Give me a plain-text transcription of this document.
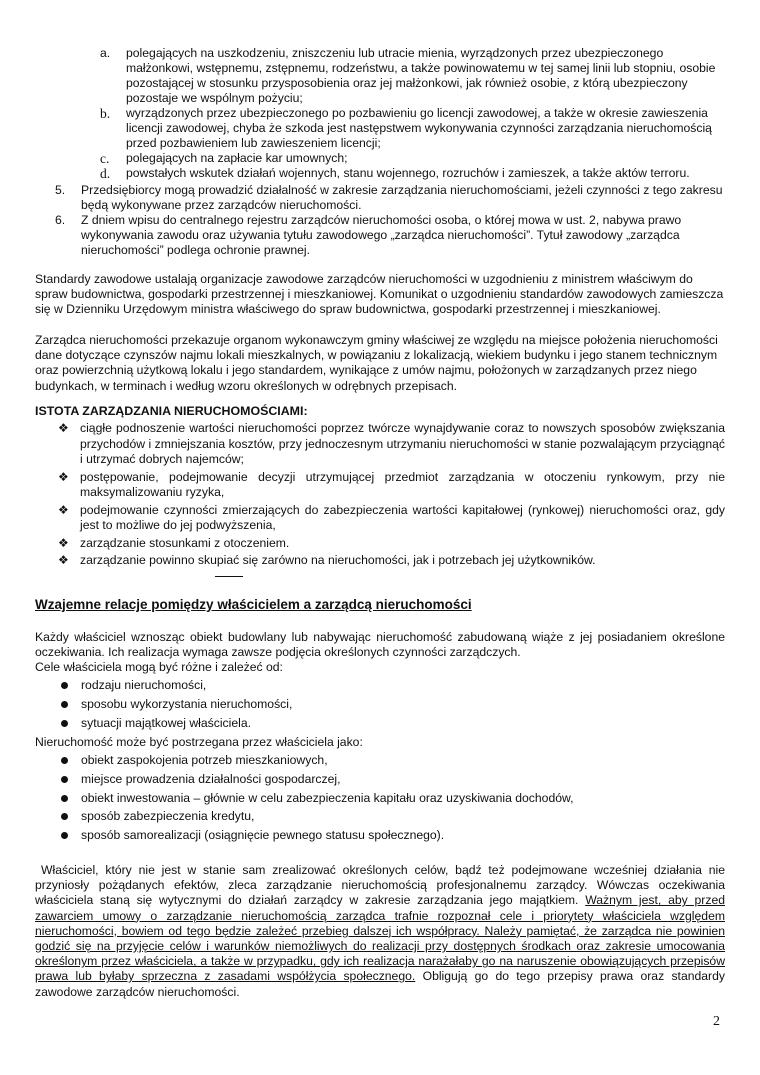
a.	polegających na uszkodzeniu, zniszczeniu lub utracie mienia, wyrządzonych przez ubezpieczonego małżonkowi, wstępnemu, zstępnemu, rodzeństwu, a także powinowatemu w tej samej linii lub stopniu, osobie pozostającej w stosunku przysposobienia oraz jej małżonkowi, jak również osobie, z którą ubezpieczony pozostaje we wspólnym pożyciu;
b.	wyrządzonych przez ubezpieczonego po pozbawieniu go licencji zawodowej, a także w okresie zawieszenia licencji zawodowej, chyba że szkoda jest następstwem wykonywania czynności zarządzania nieruchomością przed pozbawieniem lub zawieszeniem licencji;
c.	polegających na zapłacie kar umownych;
d.	powstałych wskutek działań wojennych, stanu wojennego, rozruchów i zamieszek, a także aktów terroru.
5. Przedsiębiorcy mogą prowadzić działalność w zakresie zarządzania nieruchomościami, jeżeli czynności z tego zakresu będą wykonywane przez zarządców nieruchomości.
6. Z dniem wpisu do centralnego rejestru zarządców nieruchomości osoba, o której mowa w ust. 2, nabywa prawo wykonywania zawodu oraz używania tytułu zawodowego „zarządca nieruchomości”. Tytuł zawodowy „zarządca nieruchomości” podlega ochronie prawnej.
Standardy zawodowe ustalają organizacje zawodowe zarządców nieruchomości w uzgodnieniu z ministrem właściwym do spraw budownictwa, gospodarki przestrzennej i mieszkaniowej. Komunikat o uzgodnieniu standardów zawodowych zamieszcza się w Dzienniku Urzędowym ministra właściwego do spraw budownictwa, gospodarki przestrzennej i mieszkaniowej.
Zarządca nieruchomości przekazuje organom wykonawczym gminy właściwej ze względu na miejsce położenia nieruchomości dane dotyczące czynszów najmu lokali mieszkalnych, w powiązaniu z lokalizacją, wiekiem budynku i jego stanem technicznym oraz powierzchnią użytkową lokalu i jego standardem, wynikające z umów najmu, położonych w zarządzanych przez niego budynkach, w terminach i według wzoru określonych w odrębnych przepisach.
ISTOTA ZARZĄDZANIA NIERUCHOMOŚCIAMI:
❖ ciągłe podnoszenie wartości nieruchomości poprzez twórcze wynajdywanie coraz to nowszych sposobów zwiększania przychodów i zmniejszania kosztów, przy jednoczesnym utrzymaniu nieruchomości w stanie pozwalającym przyciągnąć i utrzymać dobrych najemców;
❖ postępowanie, podejmowanie decyzji utrzymującej przedmiot zarządzania w otoczeniu rynkowym, przy nie maksymalizowaniu ryzyka,
❖ podejmowanie czynności zmierzających do zabezpieczenia wartości kapitałowej (rynkowej) nieruchomości oraz, gdy jest to możliwe do jej podwyższenia,
❖ zarządzanie stosunkami z otoczeniem.
❖ zarządzanie powinno skupiać się zarówno na nieruchomości, jak i potrzebach jej użytkowników.
Wzajemne relacje pomiędzy właścicielem a zarządcą nieruchomości
Każdy właściciel wznosząc obiekt budowlany lub nabywając nieruchomość zabudowaną wiąże z jej posiadaniem określone oczekiwania. Ich realizacja wymaga zawsze podjęcia określonych czynności zarządczych.
Cele właściciela mogą być różne i zależeć od:
rodzaju nieruchomości,
sposobu wykorzystania nieruchomości,
sytuacji majątkowej właściciela.
Nieruchomość może być postrzegana przez właściciela jako:
obiekt zaspokojenia potrzeb mieszkaniowych,
miejsce prowadzenia działalności gospodarczej,
obiekt inwestowania – głównie w celu zabezpieczenia kapitału oraz uzyskiwania dochodów,
sposób zabezpieczenia kredytu,
sposób samorealizacji (osiągnięcie pewnego statusu społecznego).
Właściciel, który nie jest w stanie sam zrealizować określonych celów, bądź też podejmowane wcześniej działania nie przyniosły pożądanych efektów, zleca zarządzanie nieruchomością profesjonalnemu zarządcy. Wówczas oczekiwania właściciela staną się wytycznymi do działań zarządcy w zakresie zarządzania jego majątkiem. Ważnym jest, aby przed zawarciem umowy o zarządzanie nieruchomością zarządca trafnie rozpoznał cele i priorytety właściciela względem nieruchomości, bowiem od tego będzie zależeć przebieg dalszej ich współpracy. Należy pamiętać, że zarządca nie powinien godzić się na przyjęcie celów i warunków niemożliwych do realizacji przy dostępnych środkach oraz zakresie umocowania określonym przez właściciela, a także w przypadku, gdy ich realizacja narażałaby go na naruszenie obowiązujących przepisów prawa lub byłaby sprzeczna z zasadami współżycia społecznego. Obligują go do tego przepisy prawa oraz standardy zawodowe zarządców nieruchomości.
2
